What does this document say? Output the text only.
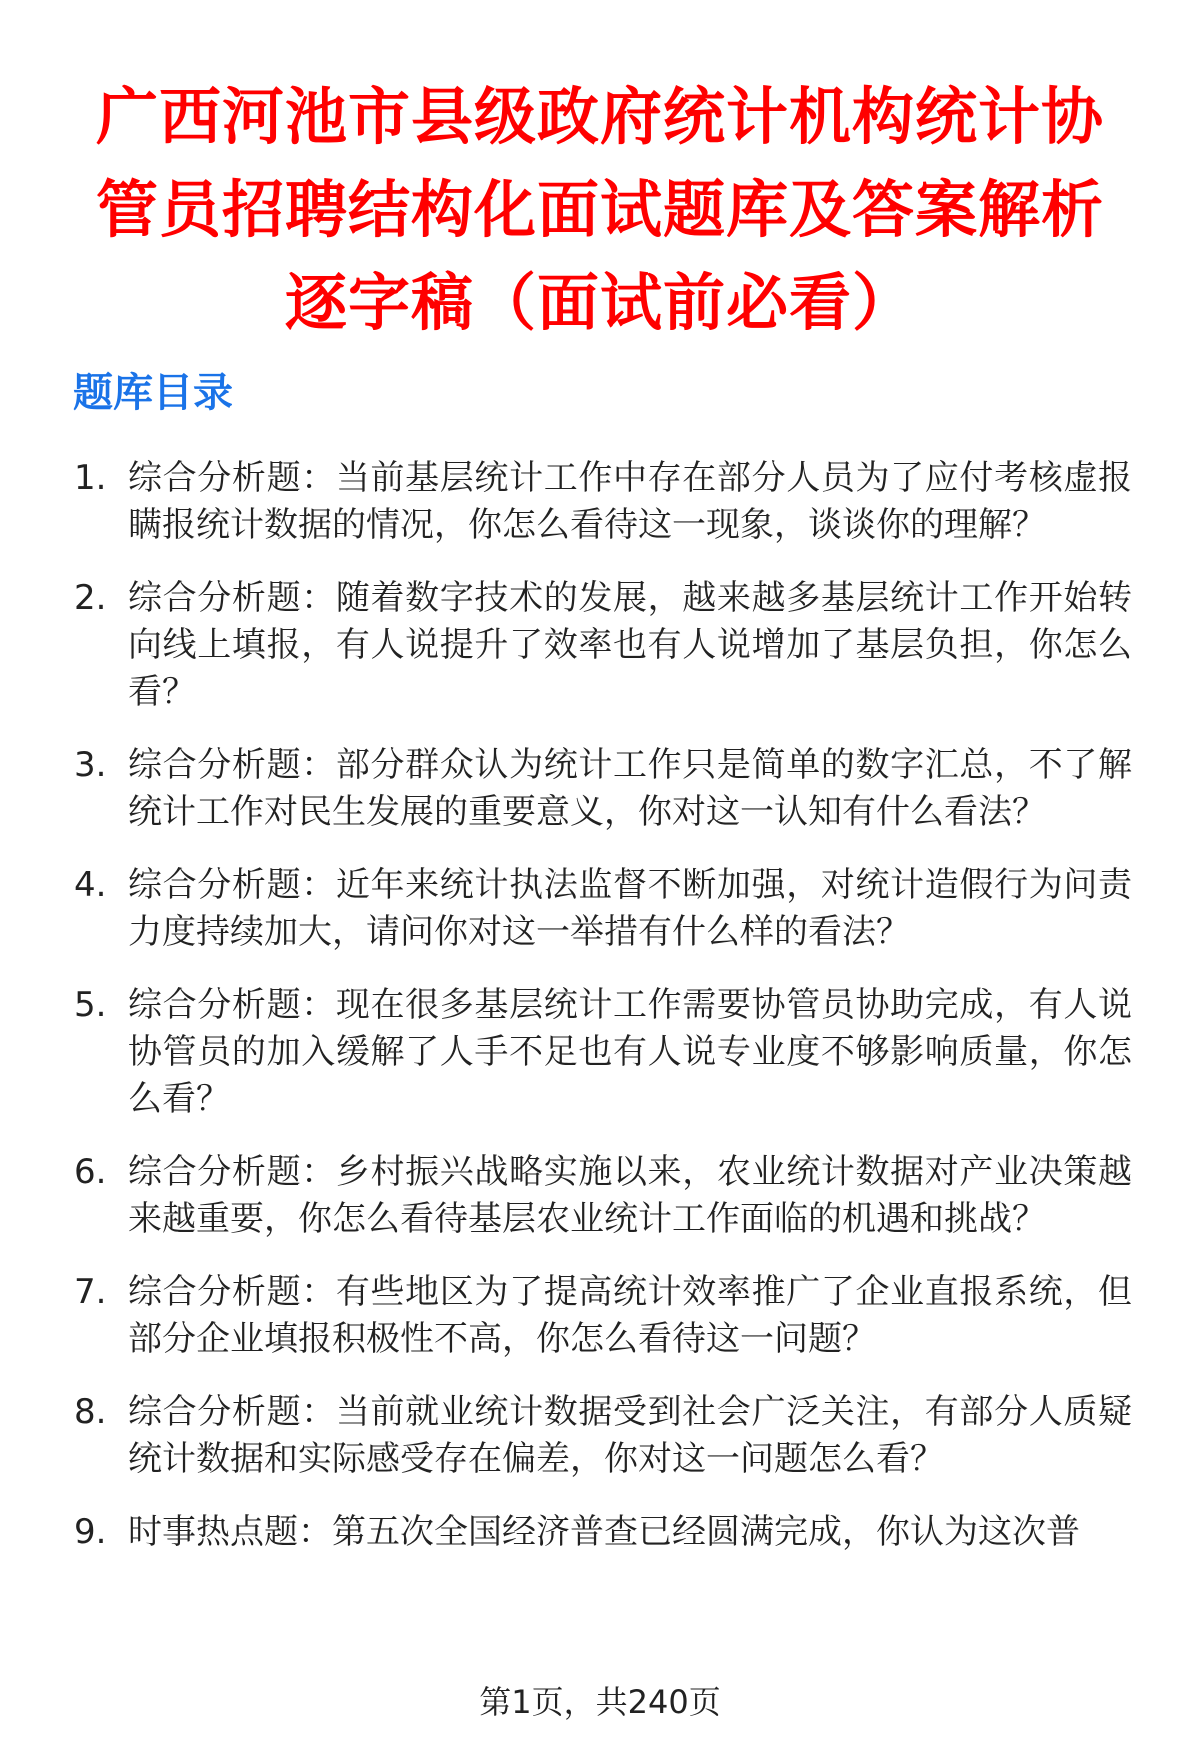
广西河池市县级政府统计机构统计协管员招聘结构化面试题库及答案解析逐字稿（面试前必看）
题库目录
1. 综合分析题：当前基层统计工作中存在部分人员为了应付考核虚报瞒报统计数据的情况，你怎么看待这一现象，谈谈你的理解？
2. 综合分析题：随着数字技术的发展，越来越多基层统计工作开始转向线上填报，有人说提升了效率也有人说增加了基层负担，你怎么看？
3. 综合分析题：部分群众认为统计工作只是简单的数字汇总，不了解统计工作对民生发展的重要意义，你对这一认知有什么看法？
4. 综合分析题：近年来统计执法监督不断加强，对统计造假行为问责力度持续加大，请问你对这一举措有什么样的看法？
5. 综合分析题：现在很多基层统计工作需要协管员协助完成，有人说协管员的加入缓解了人手不足也有人说专业度不够影响质量，你怎么看？
6. 综合分析题：乡村振兴战略实施以来，农业统计数据对产业决策越来越重要，你怎么看待基层农业统计工作面临的机遇和挑战？
7. 综合分析题：有些地区为了提高统计效率推广了企业直报系统，但部分企业填报积极性不高，你怎么看待这一问题？
8. 综合分析题：当前就业统计数据受到社会广泛关注，有部分人质疑统计数据和实际感受存在偏差，你对这一问题怎么看？
9. 时事热点题：第五次全国经济普查已经圆满完成，你认为这次普
第1页，共240页
